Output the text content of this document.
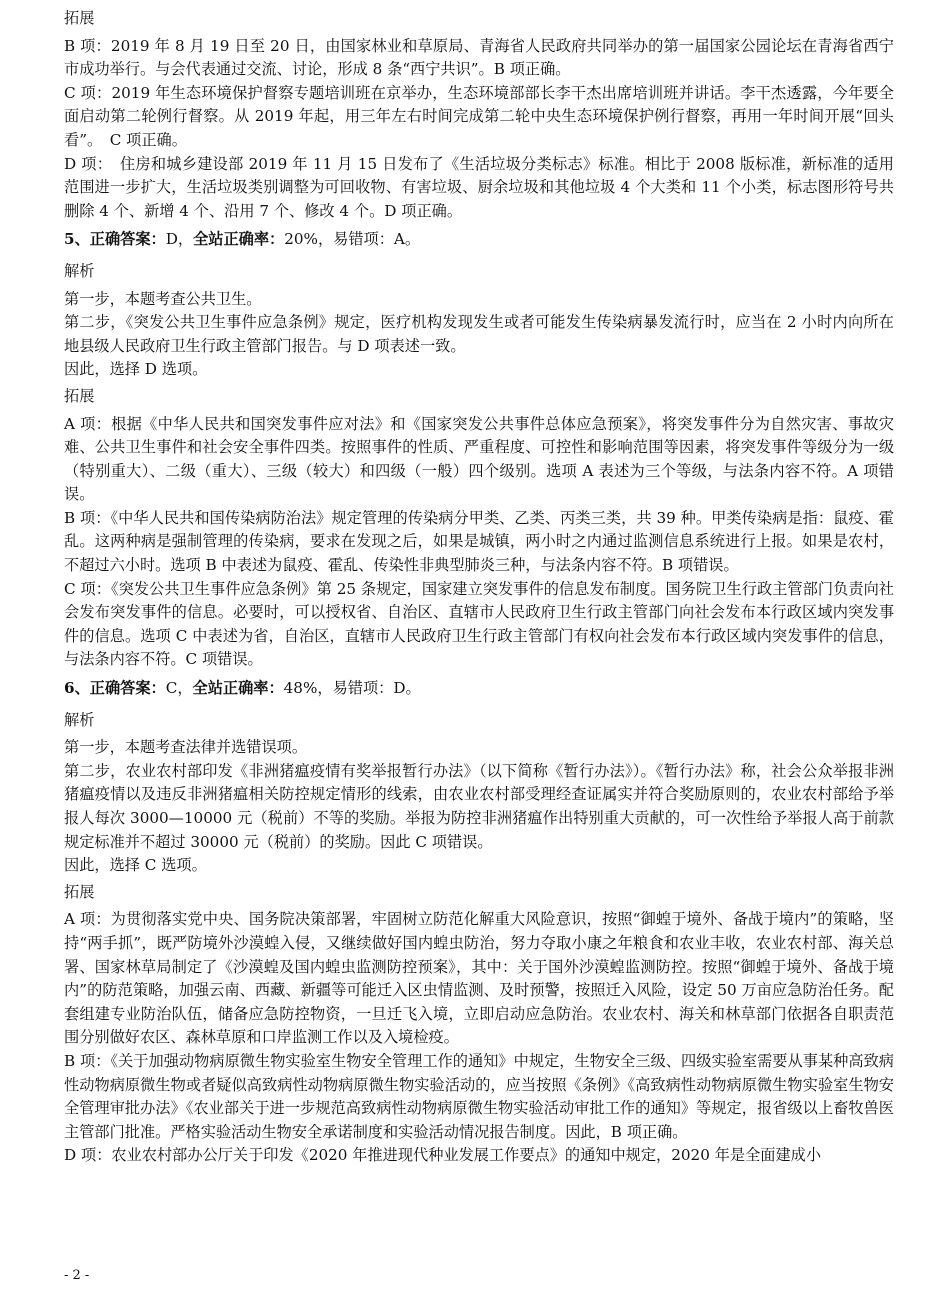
拓展

B 项：2019 年 8 月 19 日至 20 日，由国家林业和草原局、青海省人民政府共同举办的第一届国家公园论坛在青海省西宁市成功举行。与会代表通过交流、讨论，形成 8 条“西宁共识”。B 项正确。

C 项：2019 年生态环境保护督察专题培训班在京举办，生态环境部部长李干杰出席培训班并讲话。李干杰透露，今年要全面启动第二轮例行督察。从 2019 年起，用三年左右时间完成第二轮中央生态环境保护例行督察，再用一年时间开展“回头看”。　C 项正确。

D 项：　住房和城乡建设部 2019 年 11 月 15 日发布了《生活垃圾分类标志》标准。相比于 2008 版标准，新标准的适用范围进一步扩大，生活垃圾类别调整为可回收物、有害垃圾、厨余垃圾和其他垃圾 4 个大类和 11 个小类，标志图形符号共删除 4 个、新增 4 个、沿用 7 个、修改 4 个。D 项正确。

5、正确答案：D，全站正确率：20%，易错项：A。

解析

第一步，本题考查公共卫生。

第二步，《突发公共卫生事件应急条例》规定，医疗机构发现发生或者可能发生传染病暴发流行时，应当在 2 小时内向所在地县级人民政府卫生行政主管部门报告。与 D 项表述一致。

因此，选择 D 选项。

拓展

A 项：根据《中华人民共和国突发事件应对法》和《国家突发公共事件总体应急预案》，将突发事件分为自然灾害、事故灾难、公共卫生事件和社会安全事件四类。按照事件的性质、严重程度、可控性和影响范围等因素，将突发事件等级分为一级（特别重大）、二级（重大）、三级（较大）和四级（一般）四个级别。选项 A 表述为三个等级，与法条内容不符。A 项错误。

B 项：《中华人民共和国传染病防治法》规定管理的传染病分甲类、乙类、丙类三类，共 39 种。甲类传染病是指：鼠疫、霍乱。这两种病是强制管理的传染病，要求在发现之后，如果是城镇，两小时之内通过监测信息系统进行上报。如果是农村，不超过六小时。选项 B 中表述为鼠疫、霍乱、传染性非典型肺炎三种，与法条内容不符。B 项错误。

C 项：《突发公共卫生事件应急条例》第 25 条规定，国家建立突发事件的信息发布制度。国务院卫生行政主管部门负责向社会发布突发事件的信息。必要时，可以授权省、自治区、直辖市人民政府卫生行政主管部门向社会发布本行政区域内突发事件的信息。选项 C 中表述为省，自治区，直辖市人民政府卫生行政主管部门有权向社会发布本行政区域内突发事件的信息，与法条内容不符。C 项错误。

6、正确答案：C，全站正确率：48%，易错项：D。

解析

第一步，本题考查法律并选错误项。

第二步，农业农村部印发《非洲猪瘟疫情有奖举报暂行办法》（以下简称《暂行办法》）。《暂行办法》称，社会公众举报非洲猪瘟疫情以及违反非洲猪瘟相关防控规定情形的线索，由农业农村部受理经查证属实并符合奖励原则的，农业农村部给予举报人每次 3000—10000 元（税前）不等的奖励。举报为防控非洲猪瘟作出特别重大贡献的，可一次性给予举报人高于前款规定标准并不超过 30000 元（税前）的奖励。因此 C 项错误。

因此，选择 C 选项。

拓展

A 项：为贯彻落实党中央、国务院决策部署，牢固树立防范化解重大风险意识，按照“御蝗于境外、备战于境内”的策略，坚持“两手抓”，既严防境外沙漠蝗入侵，又继续做好国内蝗虫防治，努力夺取小康之年粮食和农业丰收，农业农村部、海关总署、国家林草局制定了《沙漠蝗及国内蝗虫监测防控预案》，其中：关于国外沙漠蝗监测防控。按照“御蝗于境外、备战于境内”的防范策略，加强云南、西藏、新疆等可能迁入区虫情监测、及时预警，按照迁入风险，设定 50 万亩应急防治任务。配套组建专业防治队伍，储备应急防控物资，一旦迁飞入境，立即启动应急防治。农业农村、海关和林草部门依据各自职责范围分别做好农区、森林草原和口岸监测工作以及入境检疫。

B 项：《关于加强动物病原微生物实验室生物安全管理工作的通知》中规定，生物安全三级、四级实验室需要从事某种高致病性动物病原微生物或者疑似高致病性动物病原微生物实验活动的，应当按照《条例》《高致病性动物病原微生物实验室生物安全管理审批办法》《农业部关于进一步规范高致病性动物病原微生物实验活动审批工作的通知》等规定，报省级以上畜牧兽医主管部门批准。严格实验活动生物安全承诺制度和实验活动情况报告制度。因此，B 项正确。

D 项：农业农村部办公厅关于印发《2020 年推进现代种业发展工作要点》的通知中规定，2020 年是全面建成小

- 2 -
